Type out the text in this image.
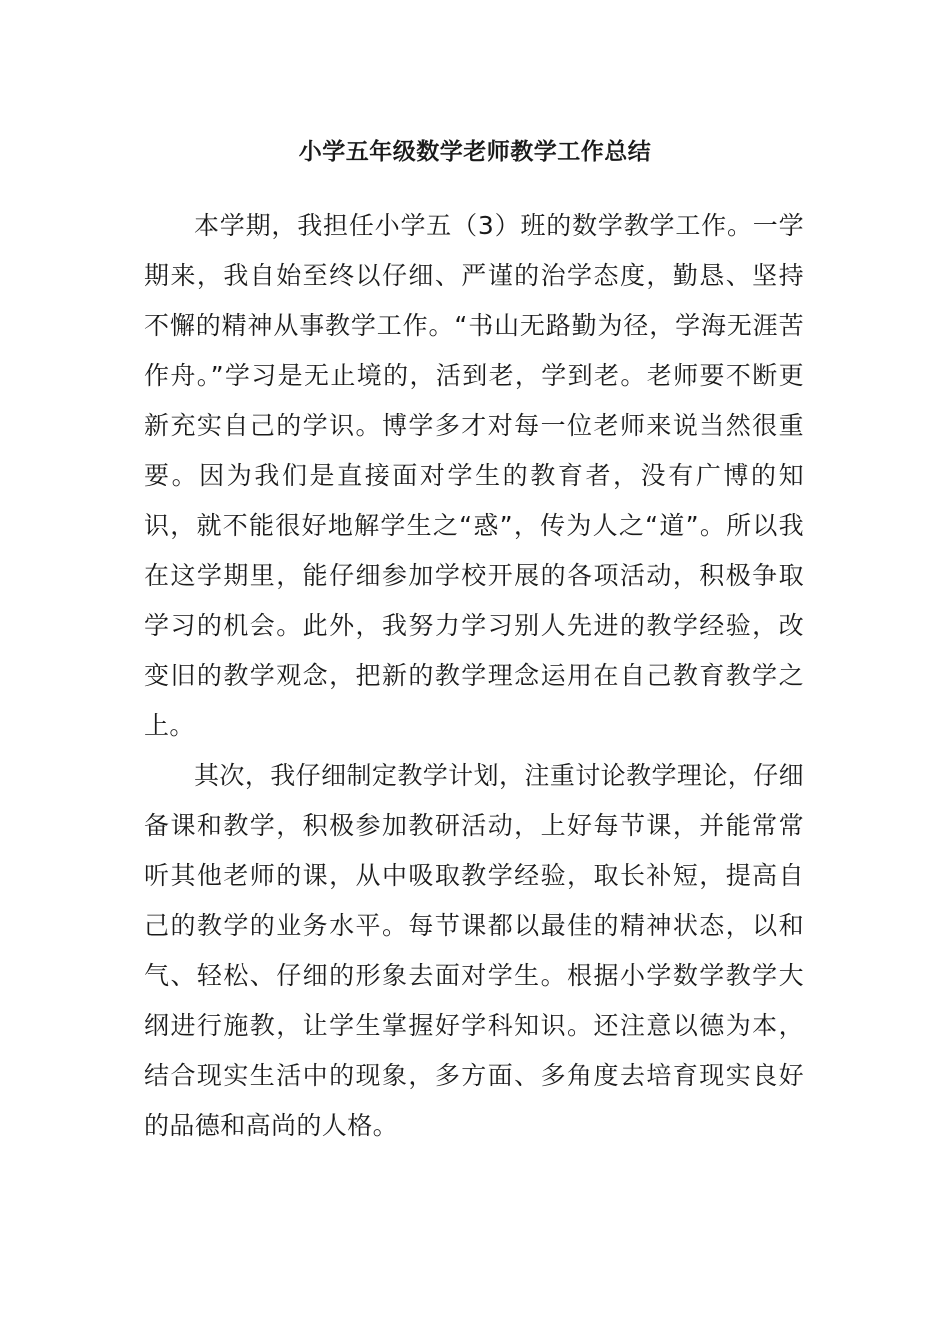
小学五年级数学老师教学工作总结

本学期，我担任小学五（3）班的数学教学工作。一学期来，我自始至终以仔细、严谨的治学态度，勤恳、坚持不懈的精神从事教学工作。“书山无路勤为径，学海无涯苦作舟。”学习是无止境的，活到老，学到老。老师要不断更新充实自己的学识。博学多才对每一位老师来说当然很重要。因为我们是直接面对学生的教育者，没有广博的知识，就不能很好地解学生之“惑”，传为人之“道”。所以我在这学期里，能仔细参加学校开展的各项活动，积极争取学习的机会。此外，我努力学习别人先进的教学经验，改变旧的教学观念，把新的教学理念运用在自己教育教学之上。

其次，我仔细制定教学计划，注重讨论教学理论，仔细备课和教学，积极参加教研活动，上好每节课，并能常常听其他老师的课，从中吸取教学经验，取长补短，提高自己的教学的业务水平。每节课都以最佳的精神状态，以和气、轻松、仔细的形象去面对学生。根据小学数学教学大纲进行施教，让学生掌握好学科知识。还注意以德为本，结合现实生活中的现象，多方面、多角度去培育现实良好的品德和高尚的人格。
